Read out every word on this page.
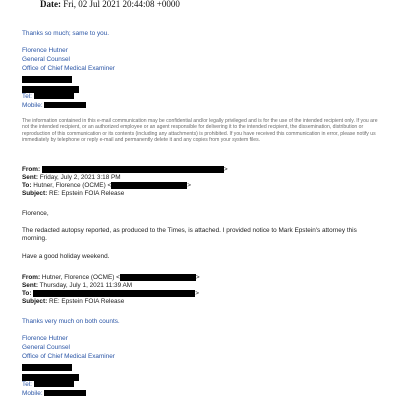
Date: Fri, 02 Jul 2021 20:44:08 +0000
Thanks so much; same to you.
Florence Hutner
General Counsel
Office of Chief Medical Examiner
Tel:
Mobile:
The information contained in this e-mail communication may be confidential and/or legally privileged and is for the use of the intended recipient only. If you are not the intended recipient, or an authorized employee or an agent responsible for delivering it to the intended recipient, the dissemination, distribution or reproduction of this communication or its contents (including any attachments) is prohibited. If you have received this communication in error, please notify us immediately by telephone or reply e-mail and permanently delete it and any copies from your system files.
From:	>
Sent: Friday, July 2, 2021 3:18 PM
To: Hutner, Florence (OCME) <	>
Subject: RE: Epstein FOIA Release
Florence,
The redacted autopsy reported, as produced to the Times, is attached. I provided notice to Mark Epstein's attorney this morning.
Have a good holiday weekend.
From: Hutner, Florence (OCME) <	>
Sent: Thursday, July 1, 2021 11:39 AM
To:	>
Subject: RE: Epstein FOIA Release
Thanks very much on both counts.
Florence Hutner
General Counsel
Office of Chief Medical Examiner
Tel:
Mobile:
